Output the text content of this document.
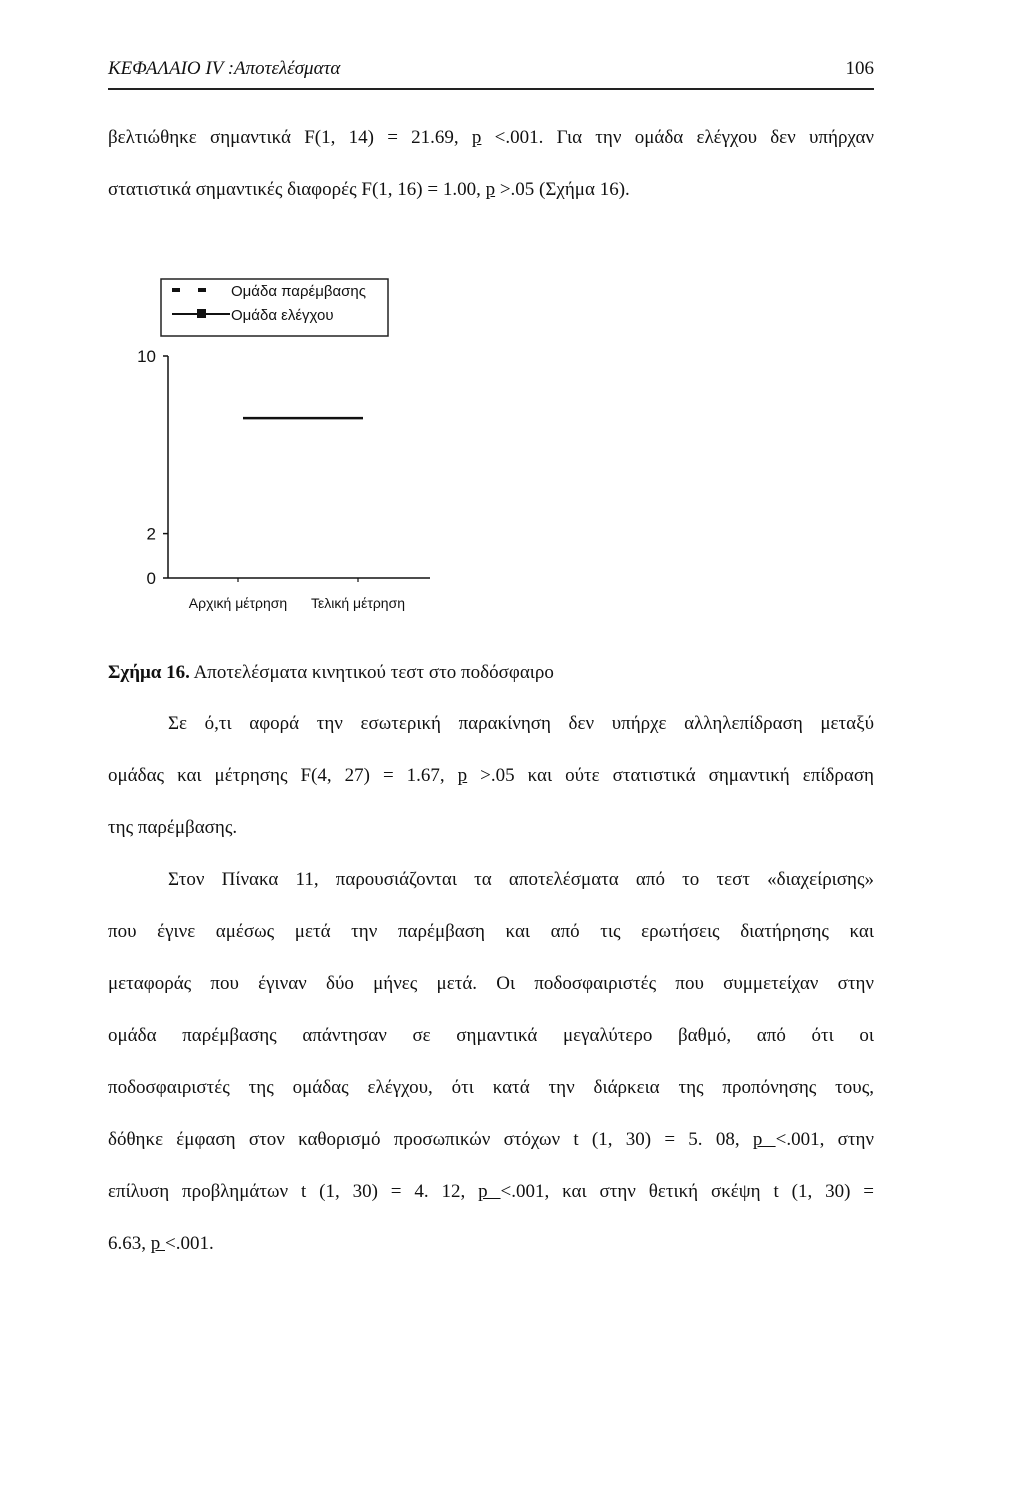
ΚΕΦΑΛΑΙΟ IV :Αποτελέσματα	106
βελτιώθηκε σημαντικά F(1, 14) = 21.69, p <.001. Για την ομάδα ελέγχου δεν υπήρχαν
στατιστικά σημαντικές διαφορές F(1, 16) = 1.00, p >.05 (Σχήμα 16).
Ομάδα παρέμβασης
Ομάδα ελέγχου
0
2
10
Αρχική μέτρηση Τελική μέτρηση
Σχήμα 16. Αποτελέσματα κινητικού τεστ στο ποδόσφαιρο
Σε ό,τι αφορά την εσωτερική παρακίνηση δεν υπήρχε αλληλεπίδραση μεταξύ
ομάδας και μέτρησης F(4, 27) = 1.67, p >.05 και ούτε στατιστικά σημαντική επίδραση
της παρέμβασης.
Στον Πίνακα 11, παρουσιάζονται τα αποτελέσματα από το τεστ «διαχείρισης»
που έγινε αμέσως μετά την παρέμβαση και από τις ερωτήσεις διατήρησης και
μεταφοράς που έγιναν δύο μήνες μετά. Οι ποδοσφαιριστές που συμμετείχαν στην
ομάδα παρέμβασης απάντησαν σε σημαντικά μεγαλύτερο βαθμό, από ότι οι
ποδοσφαιριστές της ομάδας ελέγχου, ότι κατά την διάρκεια της προπόνησης τους,
δόθηκε έμφαση στον καθορισμό προσωπικών στόχων t (1, 30) = 5. 08, p <.001, στην
επίλυση προβλημάτων t (1, 30) = 4. 12, p <.001, και στην θετική σκέψη t (1, 30) =
6.63, p <.001.
